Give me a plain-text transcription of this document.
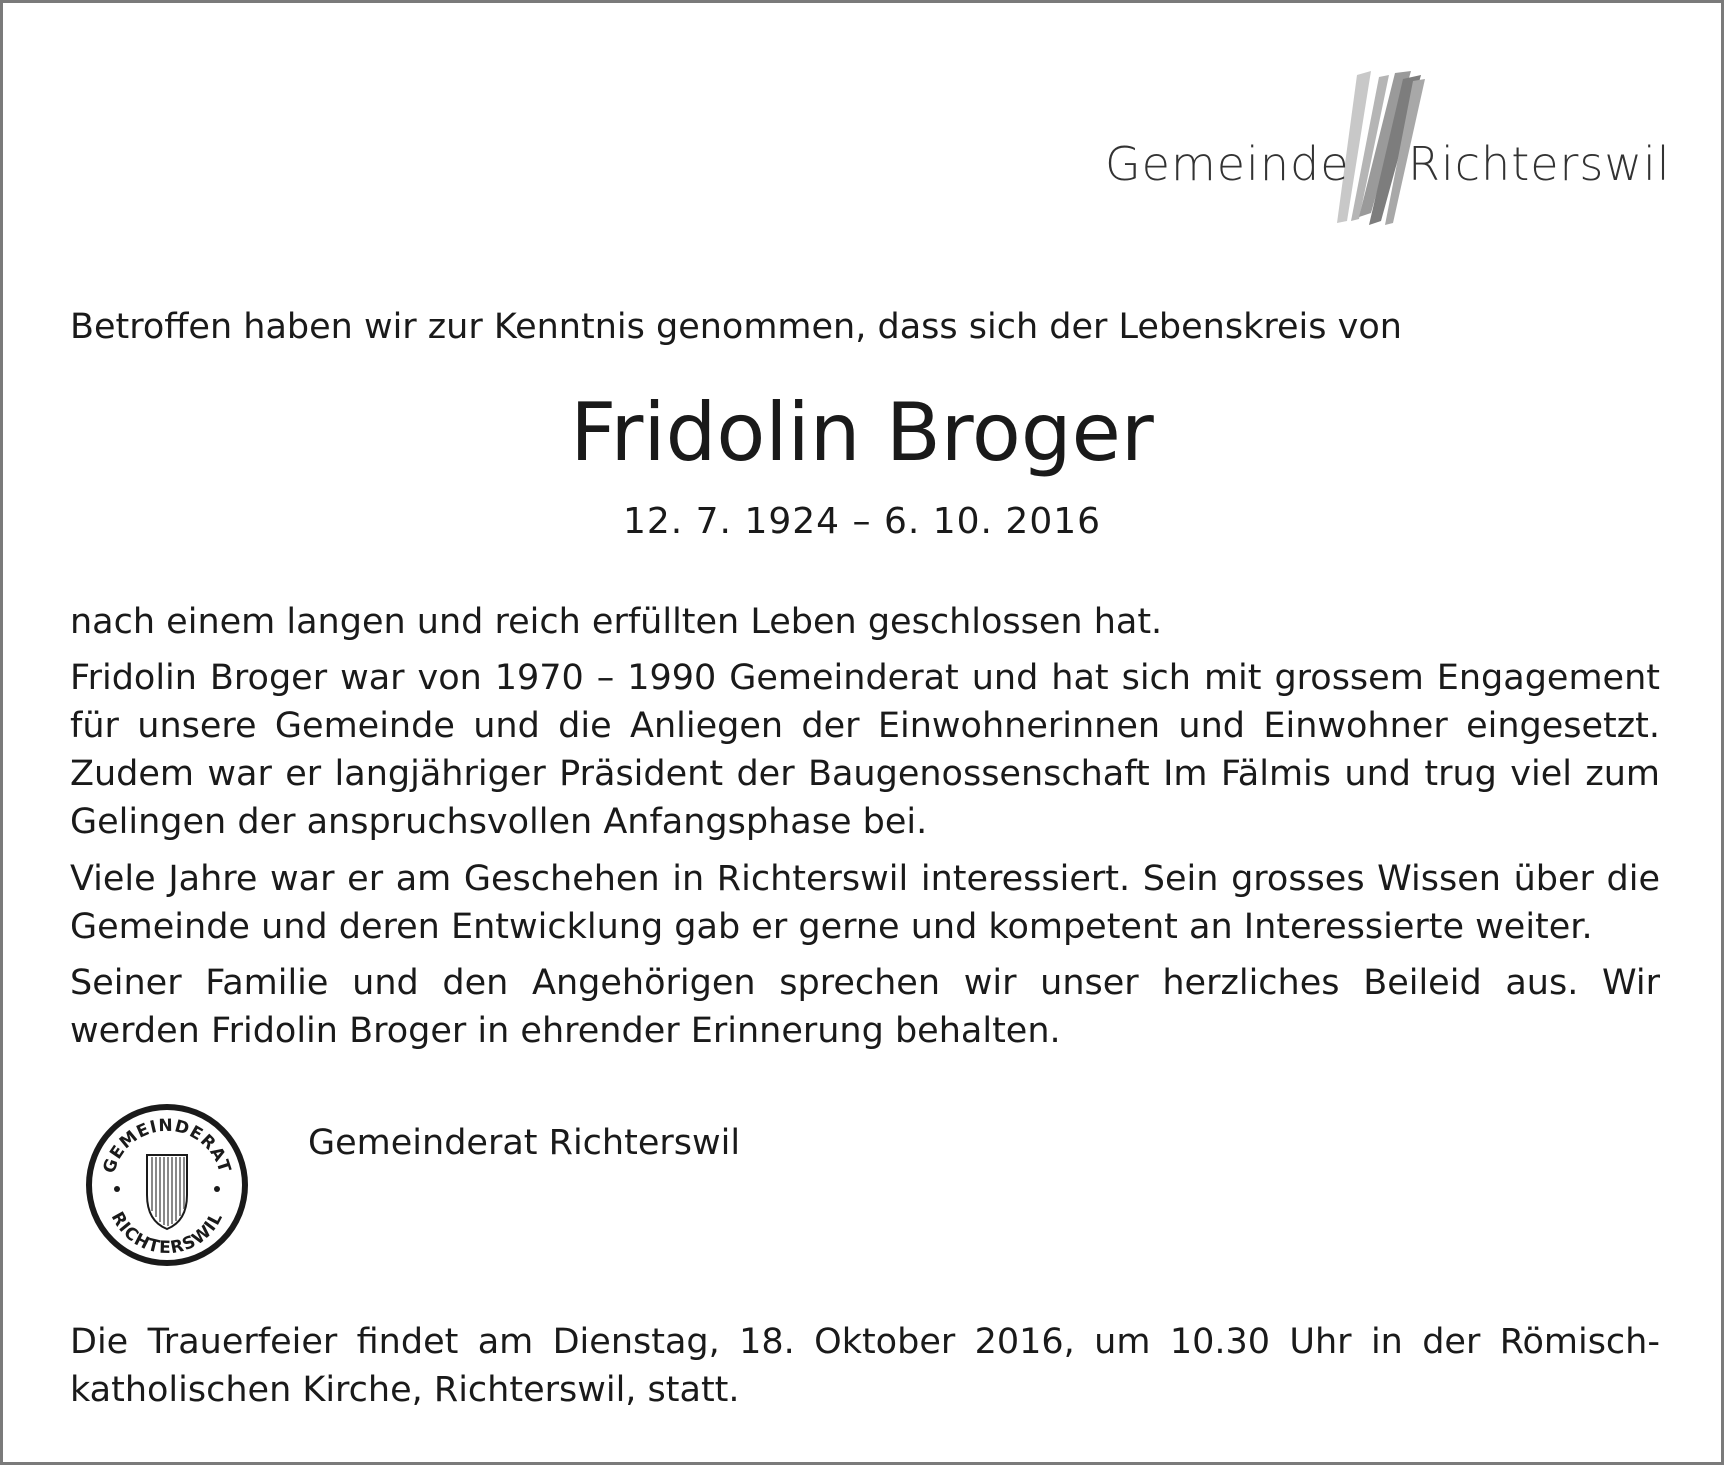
Gemeinde Richterswil
Betroffen haben wir zur Kenntnis genommen, dass sich der Lebenskreis von
Fridolin Broger
12. 7. 1924 – 6. 10. 2016
nach einem langen und reich erfüllten Leben geschlossen hat.
Fridolin Broger war von 1970 – 1990 Gemeinderat und hat sich mit grossem Engagement für unsere Gemeinde und die Anliegen der Einwohnerinnen und Einwohner eingesetzt. Zudem war er langjähriger Präsident der Baugenossenschaft Im Fälmis und trug viel zum Gelingen der anspruchsvollen Anfangsphase bei.
Viele Jahre war er am Geschehen in Richterswil interessiert. Sein grosses Wissen über die Gemeinde und deren Entwicklung gab er gerne und kompetent an Interessierte weiter.
Seiner Familie und den Angehörigen sprechen wir unser herzliches Beileid aus. Wir werden Fridolin Broger in ehrender Erinnerung behalten.
GEMEINDERAT
RICHTERSWIL
Gemeinderat Richterswil
Die Trauerfeier findet am Dienstag, 18. Oktober 2016, um 10.30 Uhr in der Römisch-katholischen Kirche, Richterswil, statt.
